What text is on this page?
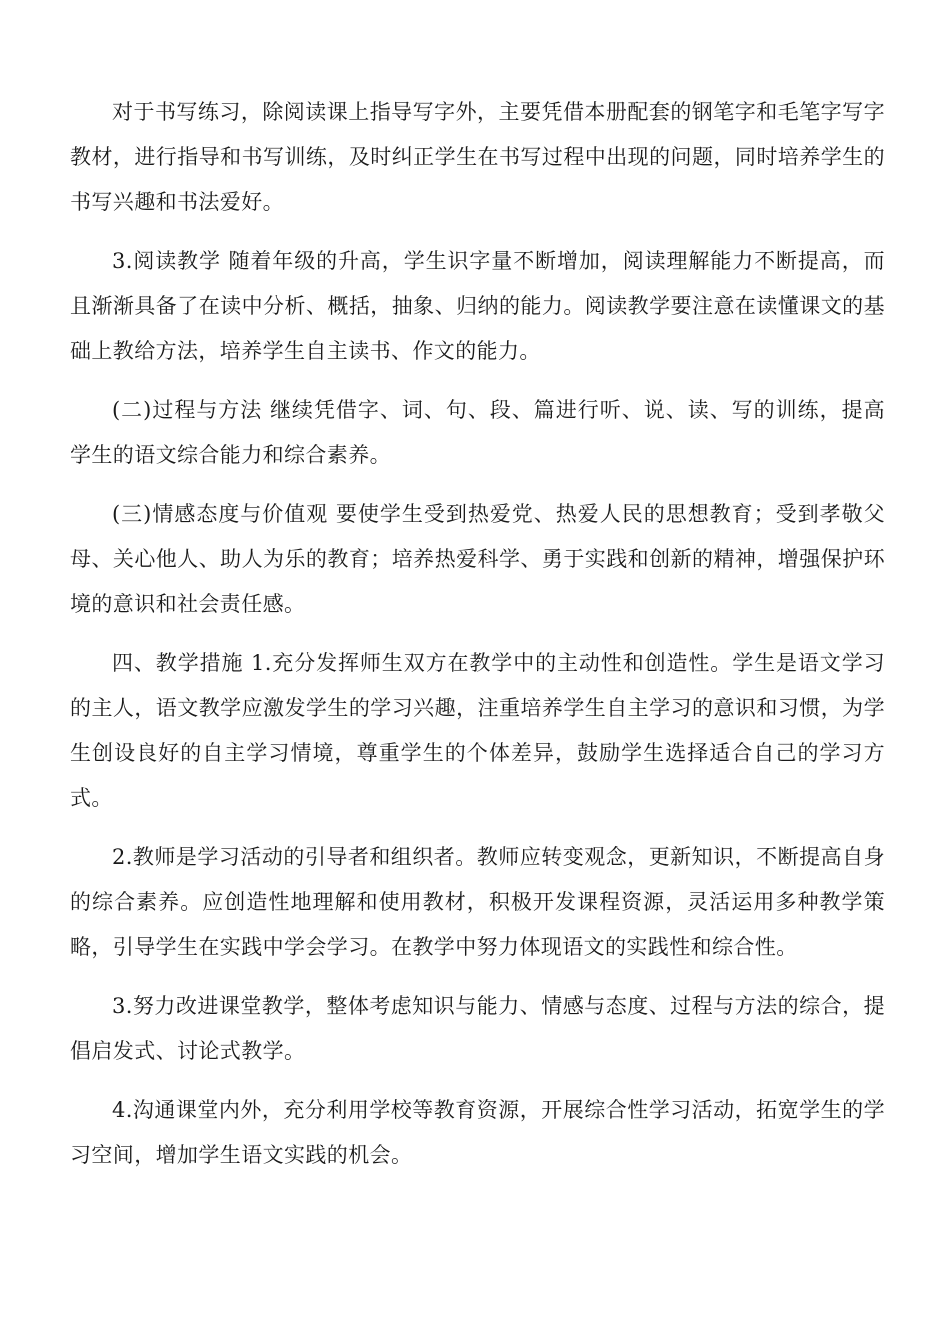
对于书写练习，除阅读课上指导写字外，主要凭借本册配套的钢笔字和毛笔字写字教材，进行指导和书写训练，及时纠正学生在书写过程中出现的问题，同时培养学生的书写兴趣和书法爱好。

3.阅读教学 随着年级的升高，学生识字量不断增加，阅读理解能力不断提高，而且渐渐具备了在读中分析、概括，抽象、归纳的能力。阅读教学要注意在读懂课文的基础上教给方法，培养学生自主读书、作文的能力。

(二)过程与方法 继续凭借字、词、句、段、篇进行听、说、读、写的训练，提高学生的语文综合能力和综合素养。

(三)情感态度与价值观 要使学生受到热爱党、热爱人民的思想教育；受到孝敬父母、关心他人、助人为乐的教育；培养热爱科学、勇于实践和创新的精神，增强保护环境的意识和社会责任感。

四、教学措施 1.充分发挥师生双方在教学中的主动性和创造性。学生是语文学习的主人，语文教学应激发学生的学习兴趣，注重培养学生自主学习的意识和习惯，为学生创设良好的自主学习情境，尊重学生的个体差异，鼓励学生选择适合自己的学习方式。

2.教师是学习活动的引导者和组织者。教师应转变观念，更新知识，不断提高自身的综合素养。应创造性地理解和使用教材，积极开发课程资源，灵活运用多种教学策略，引导学生在实践中学会学习。在教学中努力体现语文的实践性和综合性。

3.努力改进课堂教学，整体考虑知识与能力、情感与态度、过程与方法的综合，提倡启发式、讨论式教学。

4.沟通课堂内外，充分利用学校等教育资源，开展综合性学习活动，拓宽学生的学习空间，增加学生语文实践的机会。
